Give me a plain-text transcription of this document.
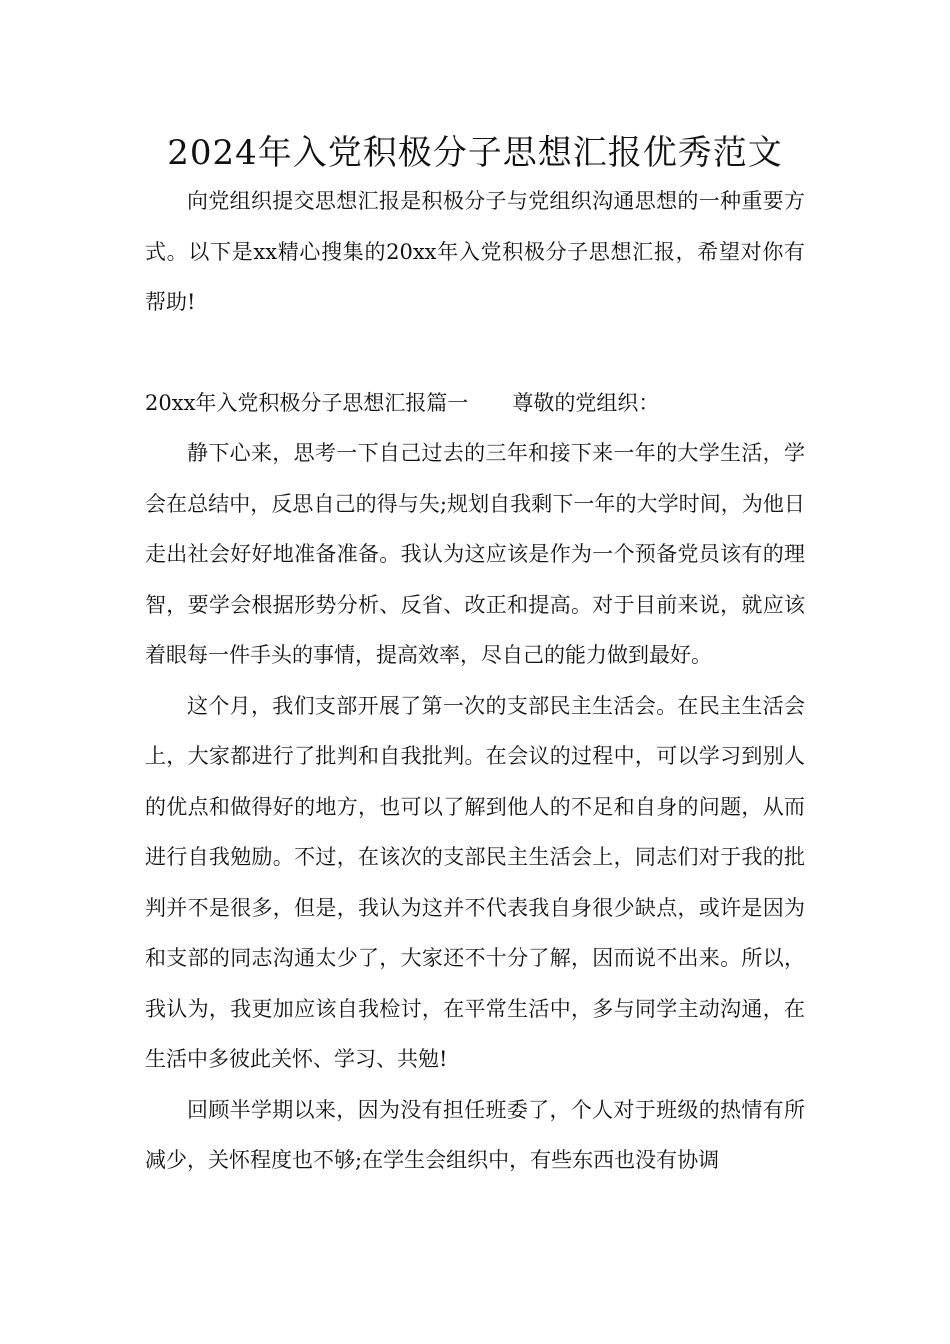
2024年入党积极分子思想汇报优秀范文

向党组织提交思想汇报是积极分子与党组织沟通思想的一种重要方式。以下是xx精心搜集的20xx年入党积极分子思想汇报，希望对你有帮助!

20xx年入党积极分子思想汇报篇一 尊敬的党组织：

静下心来，思考一下自己过去的三年和接下来一年的大学生活，学会在总结中，反思自己的得与失;规划自我剩下一年的大学时间，为他日走出社会好好地准备准备。我认为这应该是作为一个预备党员该有的理智，要学会根据形势分析、反省、改正和提高。对于目前来说，就应该着眼每一件手头的事情，提高效率，尽自己的能力做到最好。

这个月，我们支部开展了第一次的支部民主生活会。在民主生活会上，大家都进行了批判和自我批判。在会议的过程中，可以学习到别人的优点和做得好的地方，也可以了解到他人的不足和自身的问题，从而进行自我勉励。不过，在该次的支部民主生活会上，同志们对于我的批判并不是很多，但是，我认为这并不代表我自身很少缺点，或许是因为和支部的同志沟通太少了，大家还不十分了解，因而说不出来。所以，我认为，我更加应该自我检讨，在平常生活中，多与同学主动沟通，在生活中多彼此关怀、学习、共勉!

回顾半学期以来，因为没有担任班委了，个人对于班级的热情有所减少，关怀程度也不够;在学生会组织中，有些东西也没有协调
